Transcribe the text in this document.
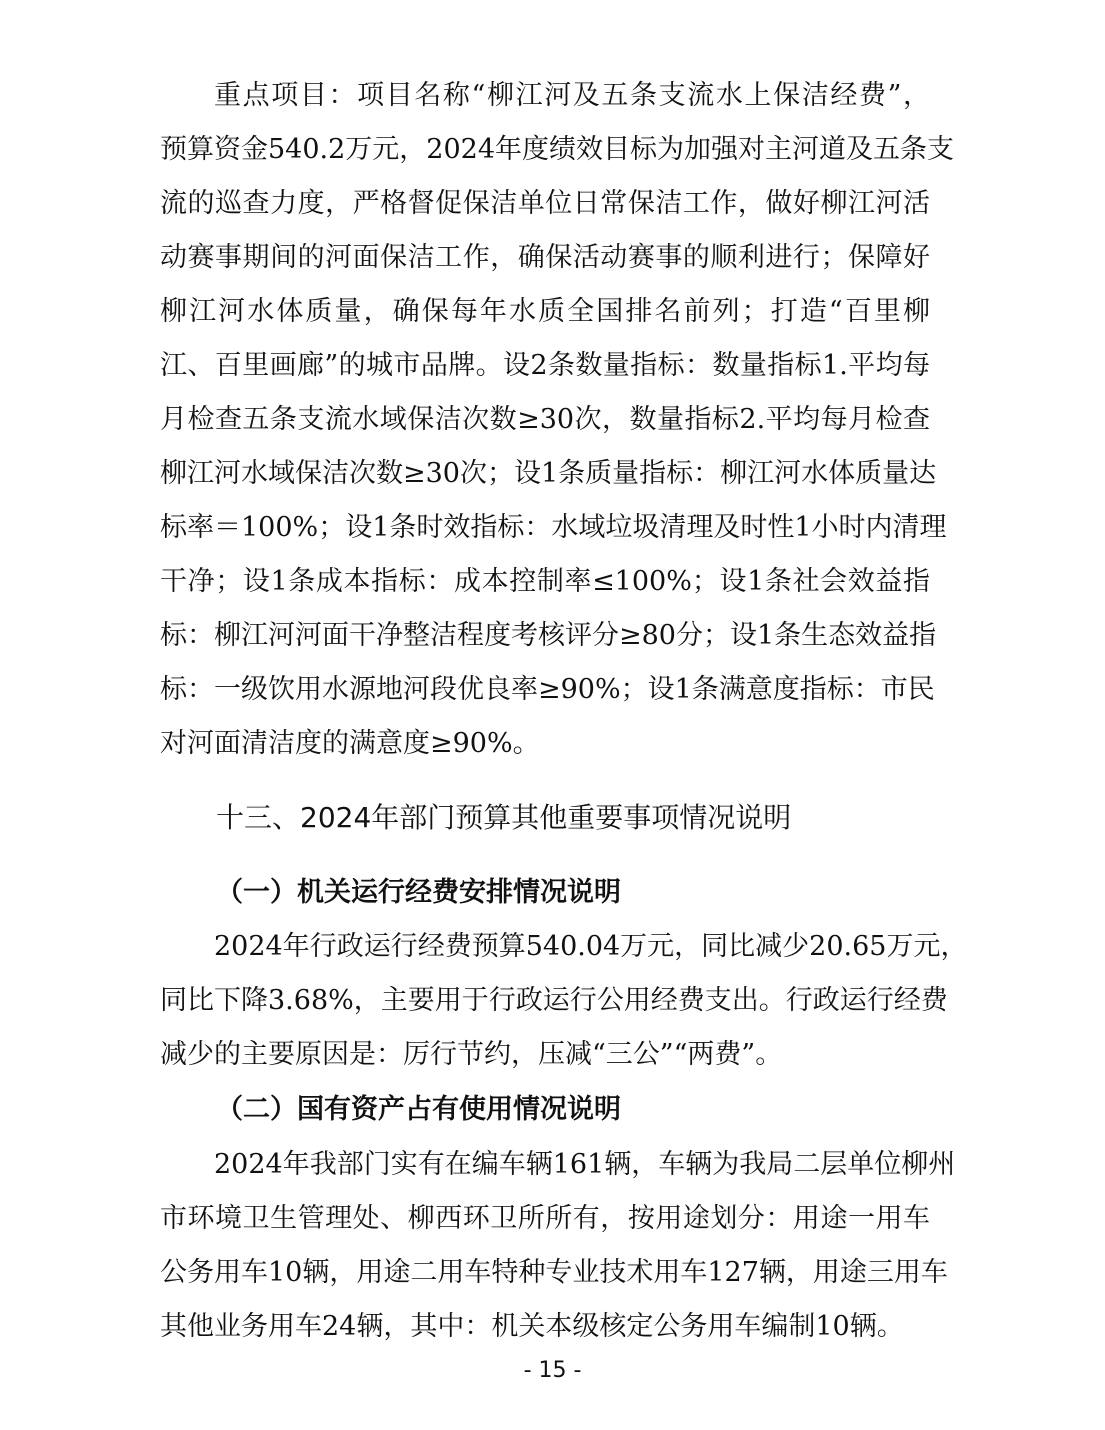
重点项目：项目名称“柳江河及五条支流水上保洁经费”，
预算资金540.2万元，2024年度绩效目标为加强对主河道及五条支
流的巡查力度，严格督促保洁单位日常保洁工作，做好柳江河活
动赛事期间的河面保洁工作，确保活动赛事的顺利进行；保障好
柳江河水体质量，确保每年水质全国排名前列；打造“百里柳
江、百里画廊”的城市品牌。设2条数量指标：数量指标1.平均每
月检查五条支流水域保洁次数≥30次，数量指标2.平均每月检查
柳江河水域保洁次数≥30次；设1条质量指标：柳江河水体质量达
标率＝100%；设1条时效指标：水域垃圾清理及时性1小时内清理
干净；设1条成本指标：成本控制率≤100%；设1条社会效益指
标：柳江河河面干净整洁程度考核评分≥80分；设1条生态效益指
标：一级饮用水源地河段优良率≥90%；设1条满意度指标：市民
对河面清洁度的满意度≥90%。
十三、2024年部门预算其他重要事项情况说明
（一）机关运行经费安排情况说明
2024年行政运行经费预算540.04万元，同比减少20.65万元，
同比下降3.68%，主要用于行政运行公用经费支出。行政运行经费
减少的主要原因是：厉行节约，压减“三公”“两费”。
（二）国有资产占有使用情况说明
2024年我部门实有在编车辆161辆，车辆为我局二层单位柳州
市环境卫生管理处、柳西环卫所所有，按用途划分：用途一用车
公务用车10辆，用途二用车特种专业技术用车127辆，用途三用车
其他业务用车24辆，其中：机关本级核定公务用车编制10辆。
- 15 -
